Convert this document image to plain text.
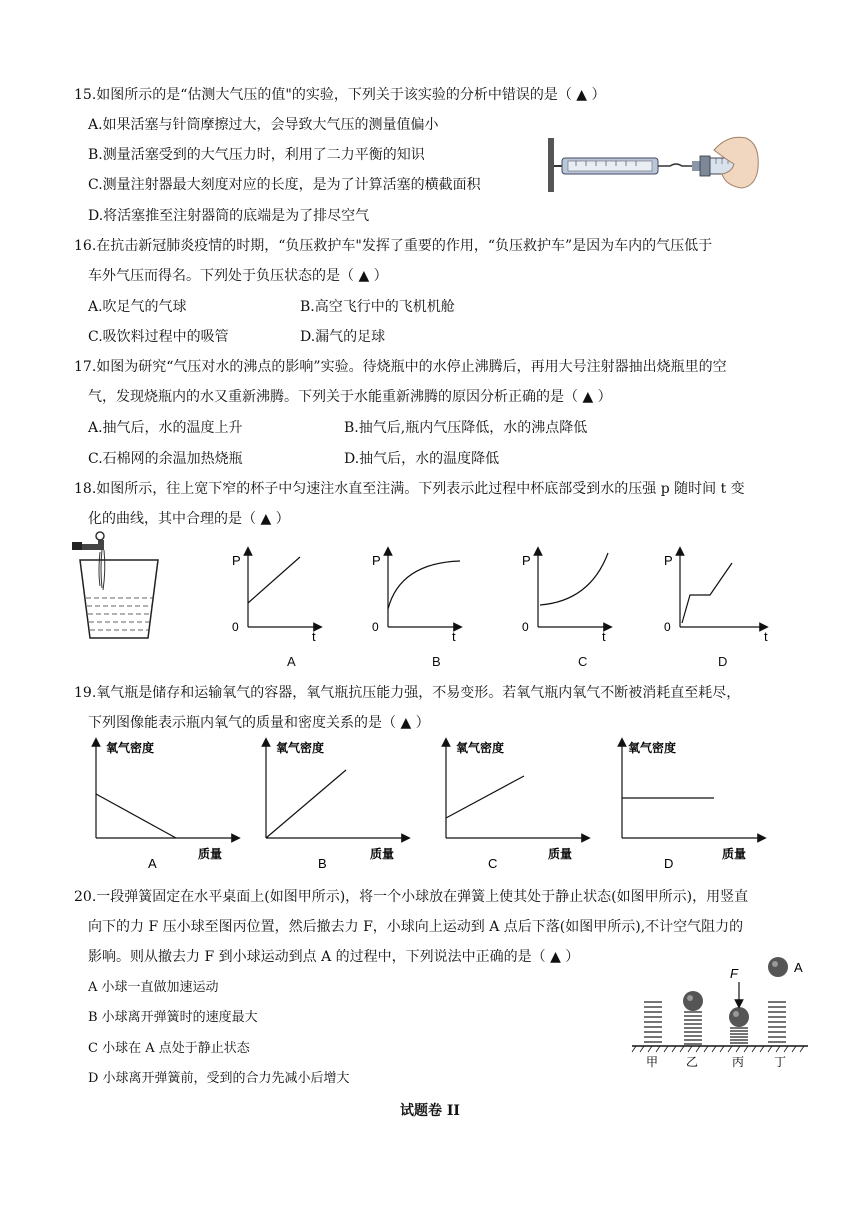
15.如图所示的是“估测大气压的值"的实验，下列关于该实验的分析中错误的是（ ▲ ）
A.如果活塞与针筒摩擦过大，会导致大气压的测量值偏小
B.测量活塞受到的大气压力时，利用了二力平衡的知识
C.测量注射器最大刻度对应的长度，是为了计算活塞的横截面积
D.将活塞推至注射器筒的底端是为了排尽空气
16.在抗击新冠肺炎疫情的时期，“负压救护车"发挥了重要的作用，“负压救护车”是因为车内的气压低于
车外气压而得名。下列处于负压状态的是（ ▲ ）
A.吹足气的气球	B.高空飞行中的飞机机舱
C.吸饮料过程中的吸管	D.漏气的足球
17.如图为研究“气压对水的沸点的影响”实验。待烧瓶中的水停止沸腾后，再用大号注射器抽出烧瓶里的空
气，发现烧瓶内的水又重新沸腾。下列关于水能重新沸腾的原因分析正确的是（ ▲ ）
A.抽气后，水的温度上升	B.抽气后,瓶内气压降低，水的沸点降低
C.石棉网的余温加热烧瓶	D.抽气后，水的温度降低
18.如图所示，往上宽下窄的杯子中匀速注水直至注满。下列表示此过程中杯底部受到水的压强 p 随时间 t 变
化的曲线，其中合理的是（ ▲ ）
P
0
t
P
0
t
P
0
t
P
0
t
A	B	C	D
19.氧气瓶是储存和运输氧气的容器，氧气瓶抗压能力强，不易变形。若氧气瓶内氧气不断被消耗直至耗尽，
下列图像能表示瓶内氧气的质量和密度关系的是（ ▲ ）
氧气密度
质量
A
氧气密度
质量
B
氧气密度
质量
C
氧气密度
质量
D
20.一段弹簧固定在水平桌面上(如图甲所示)，将一个小球放在弹簧上使其处于静止状态(如图甲所示)，用竖直
向下的力 F 压小球至图丙位置，然后撤去力 F，小球向上运动到 A 点后下落(如图甲所示),不计空气阻力的
影响。则从撤去力 F 到小球运动到点 A 的过程中，下列说法中正确的是（ ▲ ）
A 小球一直做加速运动
B 小球离开弹簧时的速度最大
C 小球在 A 点处于静止状态
D 小球离开弹簧前，受到的合力先减小后增大
F	A
甲 乙	丙 丁
试题卷 II
